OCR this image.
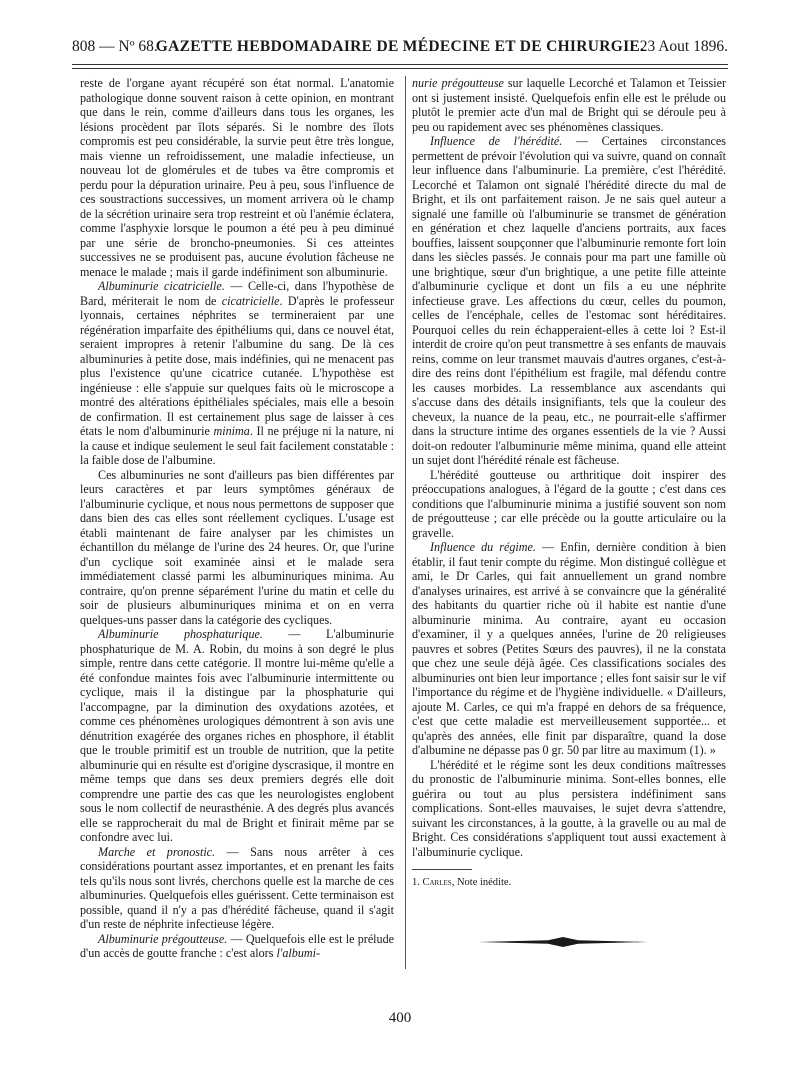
808 — Nº 68.
GAZETTE HEBDOMADAIRE DE MÉDECINE ET DE CHIRURGIE.
23 Aout 1896.

reste de l'organe ayant récupéré son état normal. L'anatomie pathologique donne souvent raison à cette opinion, en montrant que dans le rein, comme d'ailleurs dans tous les organes, les lésions procèdent par îlots séparés. Si le nombre des îlots compromis est peu considérable, la survie peut être très longue, mais vienne un refroidissement, une maladie infectieuse, un nouveau lot de glomérules et de tubes va être compromis et perdu pour la dépuration urinaire. Peu à peu, sous l'influence de ces soustractions successives, un moment arrivera où le champ de la sécrétion urinaire sera trop restreint et où l'anémie éclatera, comme l'asphyxie lorsque le poumon a été peu à peu diminué par une série de broncho-pneumonies. Si ces atteintes successives ne se produisent pas, aucune évolution fâcheuse ne menace le malade ; mais il garde indéfiniment son albuminurie.

Albuminurie cicatricielle. — Celle-ci, dans l'hypothèse de Bard, mériterait le nom de cicatricielle. D'après le professeur lyonnais, certaines néphrites se termineraient par une régénération imparfaite des épithéliums qui, dans ce nouvel état, seraient impropres à retenir l'albumine du sang. De là ces albuminuries à petite dose, mais indéfinies, qui ne menacent pas plus l'existence qu'une cicatrice cutanée. L'hypothèse est ingénieuse : elle s'appuie sur quelques faits où le microscope a montré des altérations épithéliales spéciales, mais elle a besoin de confirmation. Il est certainement plus sage de laisser à ces états le nom d'albuminurie minima. Il ne préjuge ni la nature, ni la cause et indique seulement le seul fait facilement constatable : la faible dose de l'albumine.

Ces albuminuries ne sont d'ailleurs pas bien différentes par leurs caractères et par leurs symptômes généraux de l'albuminurie cyclique, et nous nous permettons de supposer que dans bien des cas elles sont réellement cycliques. L'usage est établi maintenant de faire analyser par les chimistes un échantillon du mélange de l'urine des 24 heures. Or, que l'urine d'un cyclique soit examinée ainsi et le malade sera immédiatement classé parmi les albuminuriques minima. Au contraire, qu'on prenne séparément l'urine du matin et celle du soir de plusieurs albuminuriques minima et on en verra quelques-uns passer dans la catégorie des cycliques.

Albuminurie phosphaturique. — L'albuminurie phosphaturique de M. A. Robin, du moins à son degré le plus simple, rentre dans cette catégorie. Il montre lui-même qu'elle a été confondue maintes fois avec l'albuminurie intermittente ou cyclique, mais il la distingue par la phosphaturie qui l'accompagne, par la diminution des oxydations azotées, et comme ces phénomènes urologiques démontrent à son avis une dénutrition exagérée des organes riches en phosphore, il établit que le trouble primitif est un trouble de nutrition, que la petite albuminurie qui en résulte est d'origine dyscrasique, il montre en même temps que dans ses deux premiers degrés elle doit comprendre une partie des cas que les neurologistes englobent sous le nom collectif de neurasthénie. A des degrés plus avancés elle se rapprocherait du mal de Bright et finirait même par se confondre avec lui.

Marche et pronostic. — Sans nous arrêter à ces considérations pourtant assez importantes, et en prenant les faits tels qu'ils nous sont livrés, cherchons quelle est la marche de ces albuminuries. Quelquefois elles guérissent. Cette terminaison est possible, quand il n'y a pas d'hérédité fâcheuse, quand il s'agit d'un reste de néphrite infectieuse légère.

Albuminurie prégoutteuse. — Quelquefois elle est le prélude d'un accès de goutte franche : c'est alors l'albumi-

nurie prégoutteuse sur laquelle Lecorché et Talamon et Teissier ont si justement insisté. Quelquefois enfin elle est le prélude ou plutôt le premier acte d'un mal de Bright qui se déroule peu à peu ou rapidement avec ses phénomènes classiques.

Influence de l'hérédité. — Certaines circonstances permettent de prévoir l'évolution qui va suivre, quand on connaît leur influence dans l'albuminurie. La première, c'est l'hérédité. Lecorché et Talamon ont signalé l'hérédité directe du mal de Bright, et ils ont parfaitement raison. Je ne sais quel auteur a signalé une famille où l'albuminurie se transmet de génération en génération et chez laquelle d'anciens portraits, aux faces bouffies, laissent soupçonner que l'albuminurie remonte fort loin dans les siècles passés. Je connais pour ma part une famille où une brightique, sœur d'un brightique, a une petite fille atteinte d'albuminurie cyclique et dont un fils a eu une néphrite infectieuse grave. Les affections du cœur, celles du poumon, celles de l'encéphale, celles de l'estomac sont héréditaires. Pourquoi celles du rein échapperaient-elles à cette loi ? Est-il interdit de croire qu'on peut transmettre à ses enfants de mauvais reins, comme on leur transmet mauvais d'autres organes, c'est-à-dire des reins dont l'épithélium est fragile, mal défendu contre les causes morbides. La ressemblance aux ascendants qui s'accuse dans des détails insignifiants, tels que la couleur des cheveux, la nuance de la peau, etc., ne pourrait-elle s'affirmer dans la structure intime des organes essentiels de la vie ? Aussi doit-on redouter l'albuminurie même minima, quand elle atteint un sujet dont l'hérédité rénale est fâcheuse.

L'hérédité goutteuse ou arthritique doit inspirer des préoccupations analogues, à l'égard de la goutte ; c'est dans ces conditions que l'albuminurie minima a justifié souvent son nom de prégoutteuse ; car elle précède ou la goutte articulaire ou la gravelle.

Influence du régime. — Enfin, dernière condition à bien établir, il faut tenir compte du régime. Mon distingué collègue et ami, le Dr Carles, qui fait annuellement un grand nombre d'analyses urinaires, est arrivé à se convaincre que la généralité des habitants du quartier riche où il habite est nantie d'une albuminurie minima. Au contraire, ayant eu occasion d'examiner, il y a quelques années, l'urine de 20 religieuses pauvres et sobres (Petites Sœurs des pauvres), il ne la constata que chez une seule déjà âgée. Ces classifications sociales des albuminuries ont bien leur importance ; elles font saisir sur le vif l'importance du régime et de l'hygiène individuelle. « D'ailleurs, ajoute M. Carles, ce qui m'a frappé en dehors de sa fréquence, c'est que cette maladie est merveilleusement supportée... et qu'après des années, elle finit par disparaître, quand la dose d'albumine ne dépasse pas 0 gr. 50 par litre au maximum (1). »

L'hérédité et le régime sont les deux conditions maîtresses du pronostic de l'albuminurie minima. Sont-elles bonnes, elle guérira ou tout au plus persistera indéfiniment sans complications. Sont-elles mauvaises, le sujet devra s'attendre, suivant les circonstances, à la goutte, à la gravelle ou au mal de Bright. Ces considérations s'appliquent tout aussi exactement à l'albuminurie cyclique.

1. Carles, Note inédite.

400
